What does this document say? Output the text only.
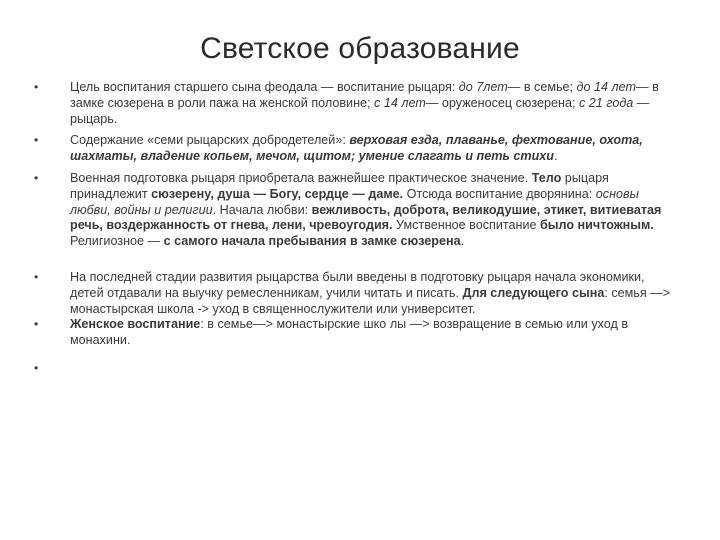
Светское образование
•	Цель воспитания старшего сына феодала — воспитание рыцаря: до 7лет— в семье; до 14 лет— в замке сюзерена в роли пажа на женской половине; с 14 лет— оруженосец сюзерена; с 21 года — рыцарь.
•	Содержание «семи рыцарских добродетелей»: верховая езда, плаванье, фехтование, охота, шахматы, владение копьем, мечом, щитом; умение слагать и петь стихи.
•	Военная подготовка рыцаря приобретала важнейшее практическое значение. Тело рыцаря принадлежит сюзерену, душа — Богу, сердце — даме. Отсюда воспитание дворянина: основы любви, войны и религии. Начала любви: вежливость, доброта, великодушие, этикет, витиеватая речь, воздержанность от гнева, лени, чревоугодия. Умственное воспитание было ничтожным. Религиозное — с самого начала пребывания в замке сюзерена.
•	На последней стадии развития рыцарства были введены в подготовку рыцаря начала экономики, детей отдавали на выучку ремесленникам, учили читать и писать. Для следующего сына: семья —> монастырская школа -> уход в священнослужители или университет.
•	Женское воспитание: в семье—> монастырские шко лы —> возвращение в семью или уход в монахини.
•
